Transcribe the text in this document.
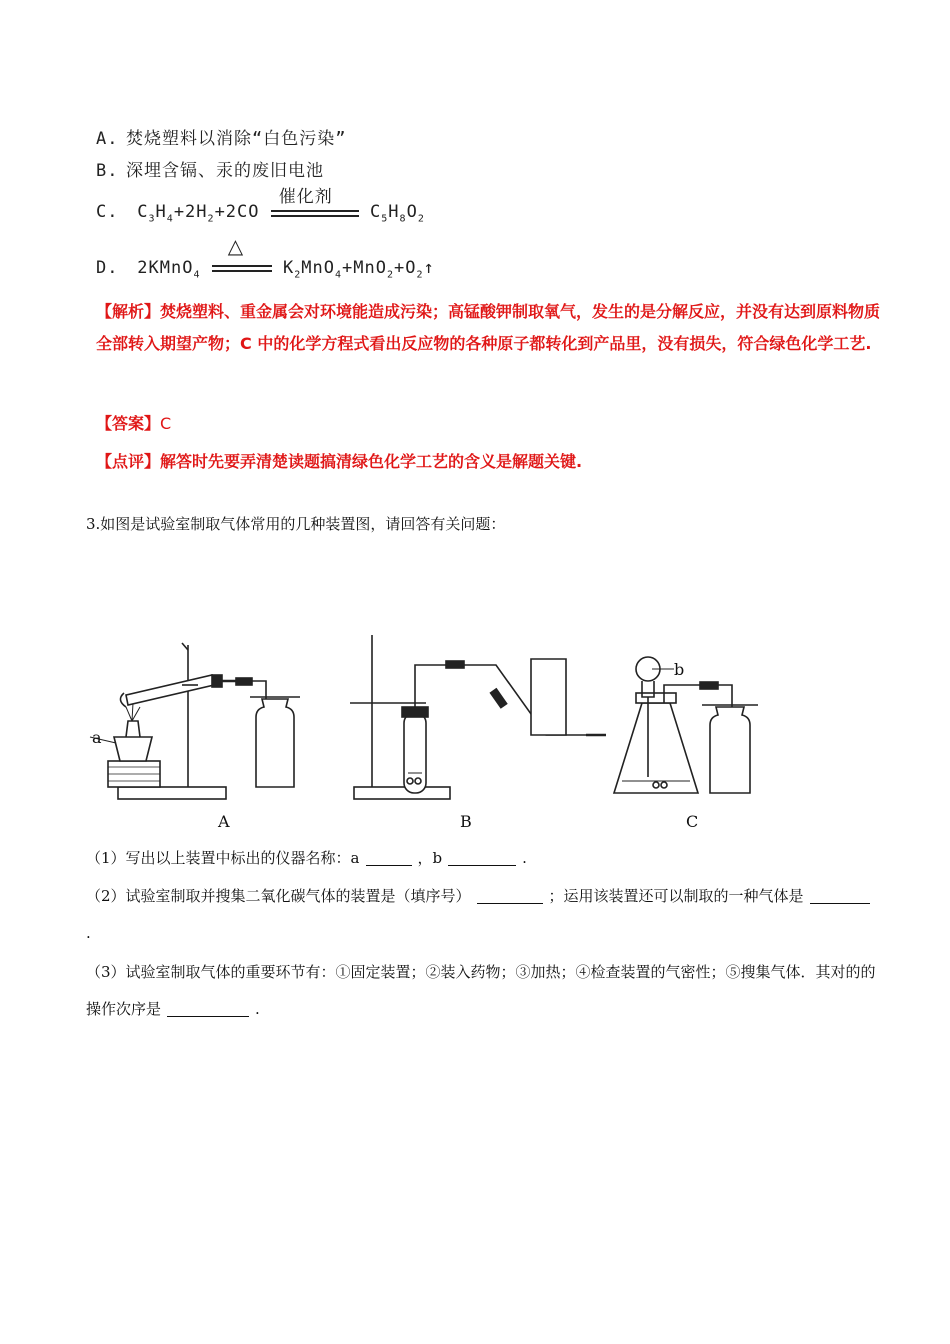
A. 焚烧塑料以消除“白色污染”
B. 深埋含镉、汞的废旧电池
C. $C_3H_4+2H_2+2CO$
催化剂
$C_5H_8O_2$
D. 2KMnO$_4$
△
$K_2MnO_4+MnO_2+O_2↑$
【解析】焚烧塑料、重金属会对环境能造成污染；高锰酸钾制取氧气，发生的是分解反应，并没有达到原料物质全部转入期望产物；C 中的化学方程式看出反应物的各种原子都转化到产品里，没有损失，符合绿色化学工艺.
【答案】C
【点评】解答时先要弄清楚读题搞清绿色化学工艺的含义是解题关键.
3.如图是试验室制取气体常用的几种装置图，请回答有关问题：
a
b
A	B	C
（1）写出以上装置中标出的仪器名称：a	，b	.
（2）试验室制取并搜集二氧化碳气体的装置是（填序号）	；运用该装置还可以制取的一种气体是.
（3）试验室制取气体的重要环节有：①固定装置；②装入药物；③加热；④检查装置的气密性；⑤搜集气体．其对的的操作次序是	.
